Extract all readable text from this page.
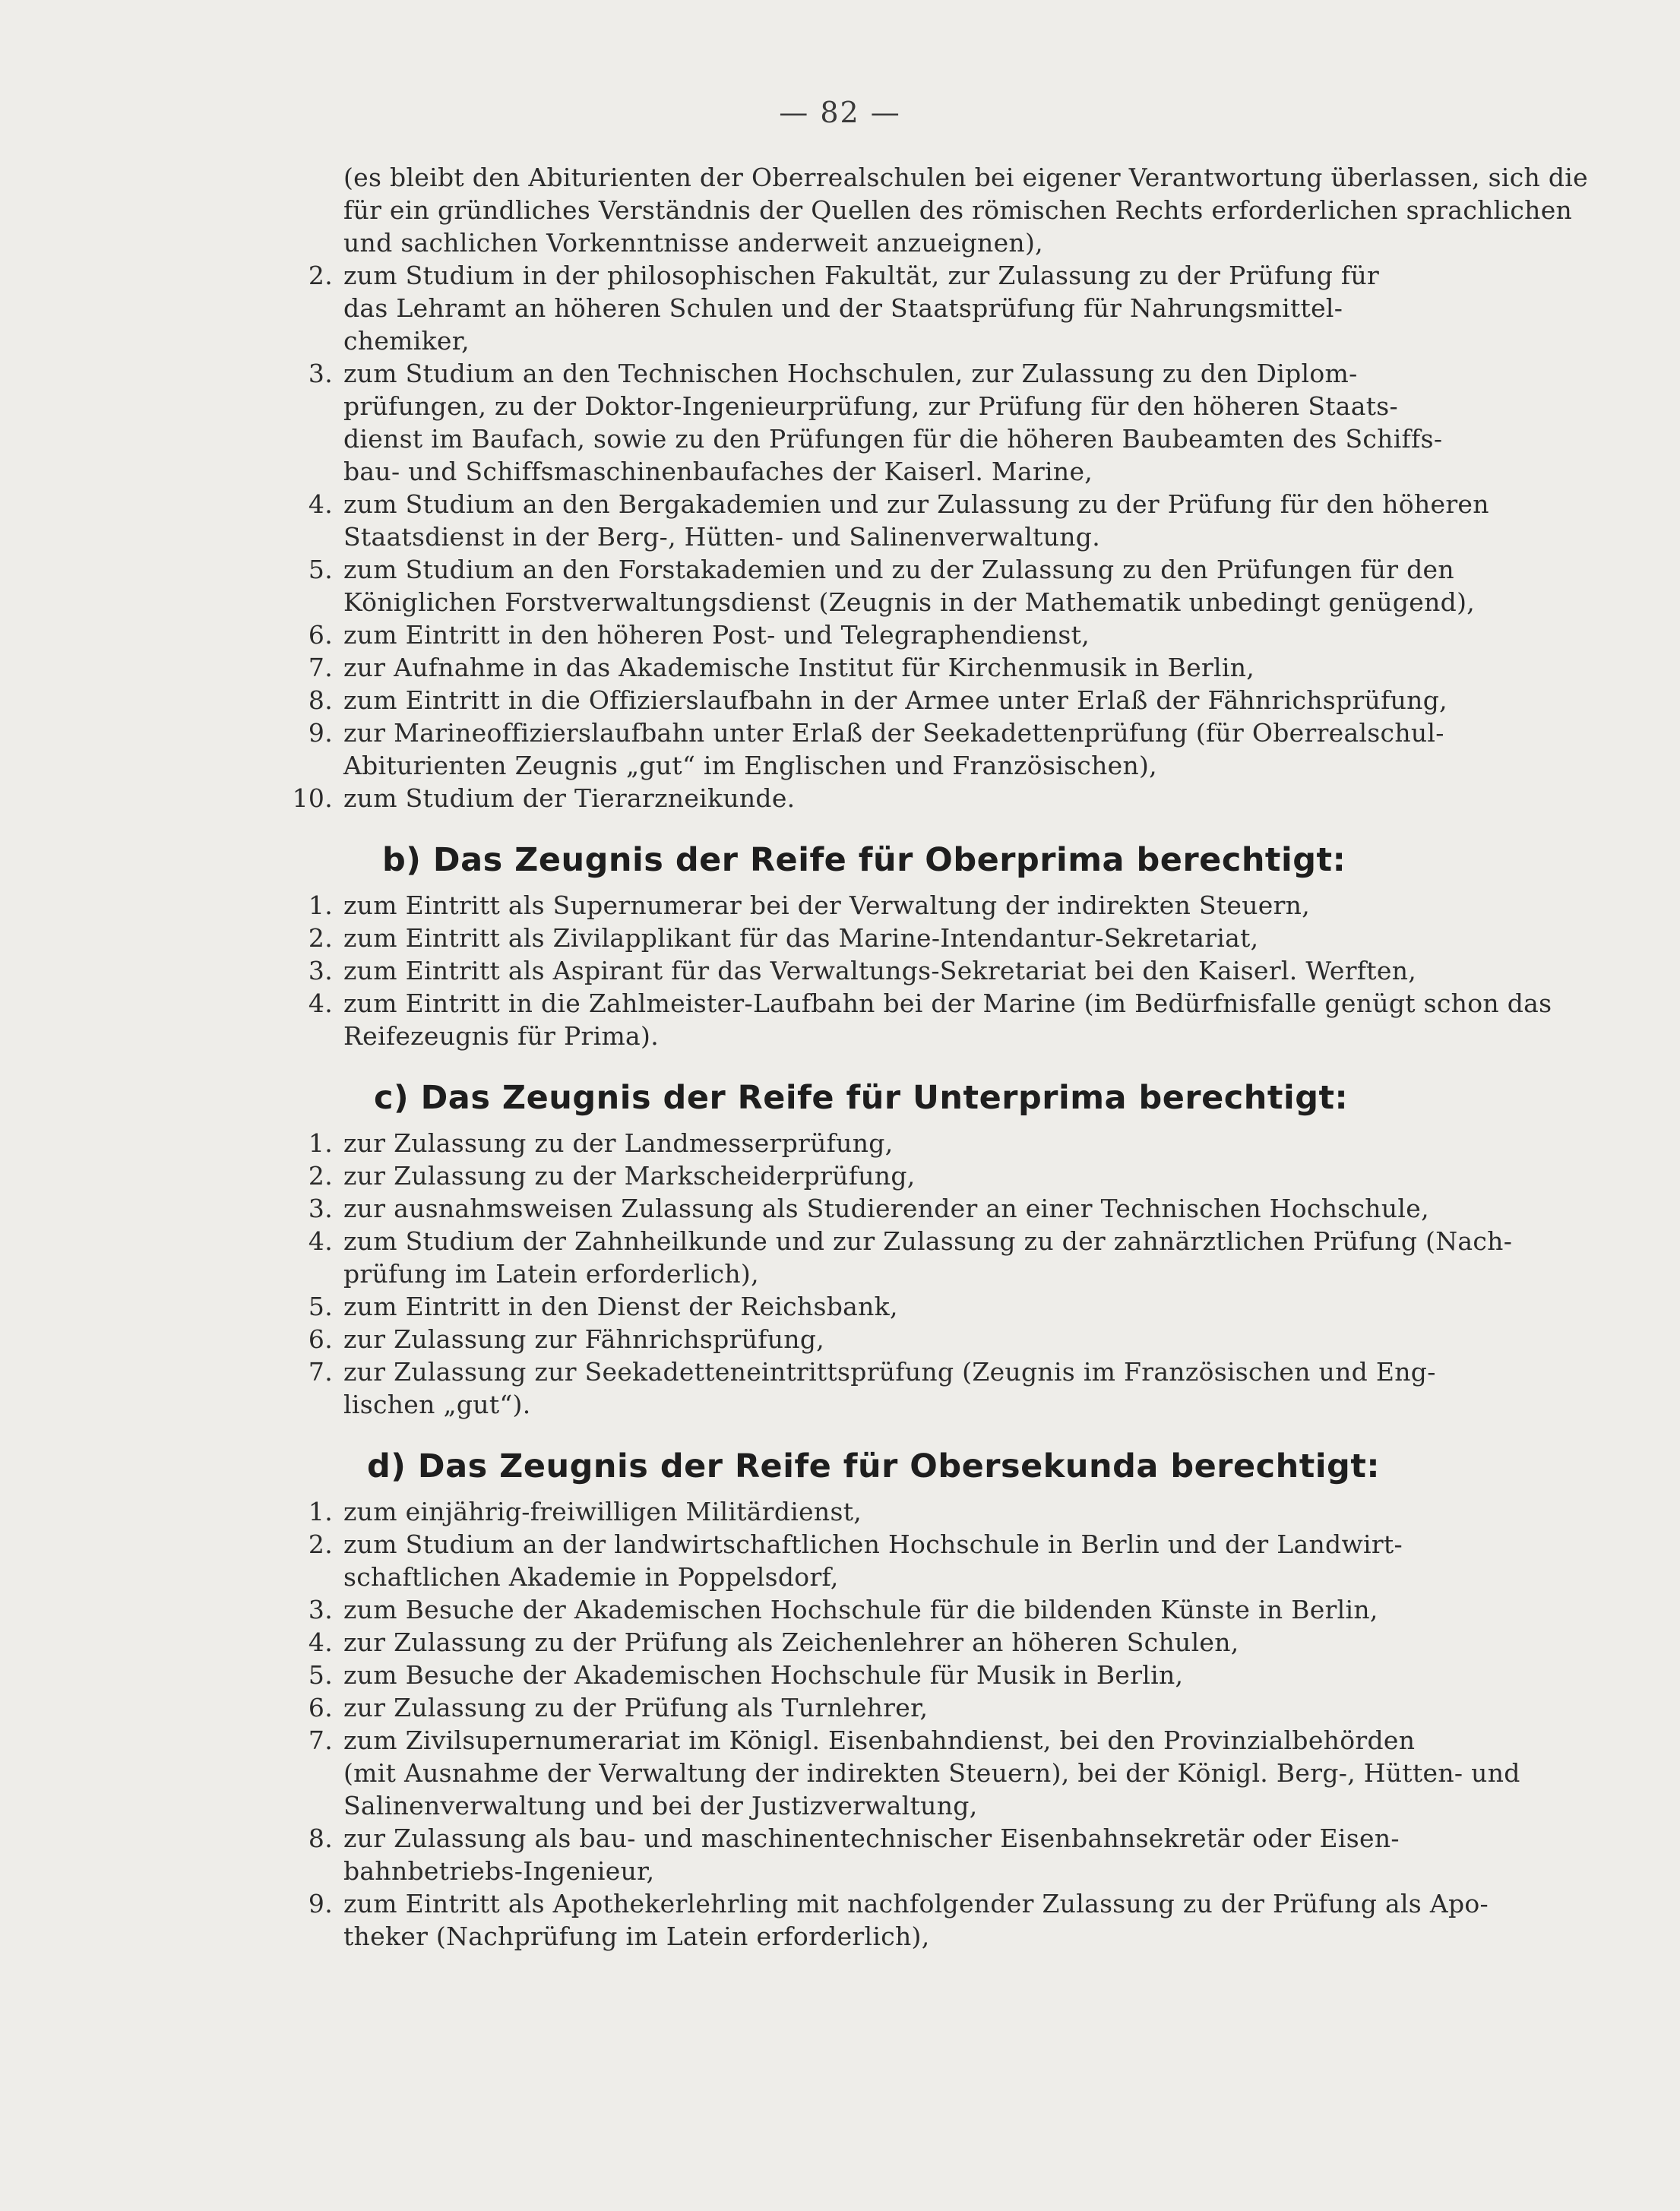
— 82 —
(es bleibt den Abiturienten der Oberrealschulen bei eigener Verantwortung überlassen, sich die
für ein gründliches Verständnis der Quellen des römischen Rechts erforderlichen sprachlichen
und sachlichen Vorkenntnisse anderweit anzueignen),
2. zum Studium in der philosophischen Fakultät, zur Zulassung zu der Prüfung für
das Lehramt an höheren Schulen und der Staatsprüfung für Nahrungsmittel-
chemiker,
3. zum Studium an den Technischen Hochschulen, zur Zulassung zu den Diplom-
prüfungen, zu der Doktor-Ingenieurprüfung, zur Prüfung für den höheren Staats-
dienst im Baufach, sowie zu den Prüfungen für die höheren Baubeamten des Schiffs-
bau- und Schiffsmaschinenbaufaches der Kaiserl. Marine,
4. zum Studium an den Bergakademien und zur Zulassung zu der Prüfung für den höheren
Staatsdienst in der Berg-, Hütten- und Salinenverwaltung.
5. zum Studium an den Forstakademien und zu der Zulassung zu den Prüfungen für den
Königlichen Forstverwaltungsdienst (Zeugnis in der Mathematik unbedingt genügend),
6. zum Eintritt in den höheren Post- und Telegraphendienst,
7. zur Aufnahme in das Akademische Institut für Kirchenmusik in Berlin,
8. zum Eintritt in die Offizierslaufbahn in der Armee unter Erlaß der Fähnrichsprüfung,
9. zur Marineoffizierslaufbahn unter Erlaß der Seekadettenprüfung (für Oberrealschul-
Abiturienten Zeugnis „gut“ im Englischen und Französischen),
10. zum Studium der Tierarzneikunde.
b) Das Zeugnis der Reife für Oberprima berechtigt:
1. zum Eintritt als Supernumerar bei der Verwaltung der indirekten Steuern,
2. zum Eintritt als Zivilapplikant für das Marine-Intendantur-Sekretariat,
3. zum Eintritt als Aspirant für das Verwaltungs-Sekretariat bei den Kaiserl. Werften,
4. zum Eintritt in die Zahlmeister-Laufbahn bei der Marine (im Bedürfnisfalle genügt schon das
Reifezeugnis für Prima).
c) Das Zeugnis der Reife für Unterprima berechtigt:
1. zur Zulassung zu der Landmesserprüfung,
2. zur Zulassung zu der Markscheiderprüfung,
3. zur ausnahmsweisen Zulassung als Studierender an einer Technischen Hochschule,
4. zum Studium der Zahnheilkunde und zur Zulassung zu der zahnärztlichen Prüfung (Nach-
prüfung im Latein erforderlich),
5. zum Eintritt in den Dienst der Reichsbank,
6. zur Zulassung zur Fähnrichsprüfung,
7. zur Zulassung zur Seekadetteneintrittsprüfung (Zeugnis im Französischen und Eng-
lischen „gut“).
d) Das Zeugnis der Reife für Obersekunda berechtigt:
1. zum einjährig-freiwilligen Militärdienst,
2. zum Studium an der landwirtschaftlichen Hochschule in Berlin und der Landwirt-
schaftlichen Akademie in Poppelsdorf,
3. zum Besuche der Akademischen Hochschule für die bildenden Künste in Berlin,
4. zur Zulassung zu der Prüfung als Zeichenlehrer an höheren Schulen,
5. zum Besuche der Akademischen Hochschule für Musik in Berlin,
6. zur Zulassung zu der Prüfung als Turnlehrer,
7. zum Zivilsupernumerariat im Königl. Eisenbahndienst, bei den Provinzialbehörden
(mit Ausnahme der Verwaltung der indirekten Steuern), bei der Königl. Berg-, Hütten- und
Salinenverwaltung und bei der Justizverwaltung,
8. zur Zulassung als bau- und maschinentechnischer Eisenbahnsekretär oder Eisen-
bahnbetriebs-Ingenieur,
9. zum Eintritt als Apothekerlehrling mit nachfolgender Zulassung zu der Prüfung als Apo-
theker (Nachprüfung im Latein erforderlich),
